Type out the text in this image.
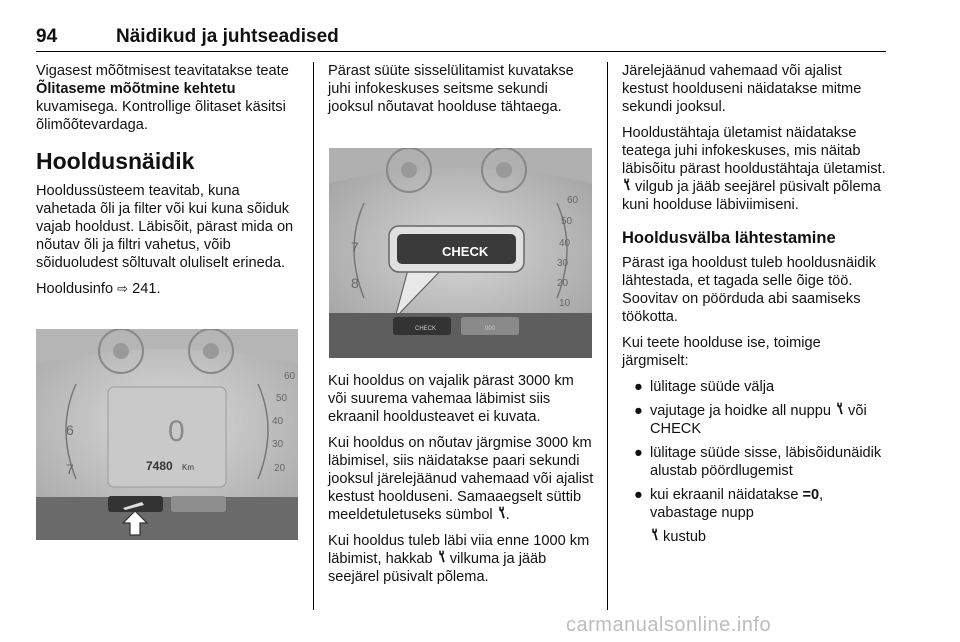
94	Näidikud ja juhtseadised

Vigasest mõõtmisest teavitatakse teate Õlitaseme mõõtmine kehtetu kuvamisega. Kontrollige õlitaset käsitsi õlimõõtevardaga.

Hooldusnäidik

Hooldussüsteem teavitab, kuna vahetada õli ja filter või kui kuna sõiduk vajab hooldust. Läbisõit, pärast mida on nõutav õli ja filtri vahetus, võib sõiduoludest sõltuvalt oluliselt erineda.

Hooldusinfo ⇨ 241.

6
7
60
50
40
30
20
0
7480 Km

Pärast süüte sisselülitamist kuvatakse juhi infokeskuses seitsme sekundi jooksul nõutavat hoolduse tähtaega.

7
8
60
50
40
30
20
10
CHECK
CHECK	000

Kui hooldus on vajalik pärast 3000 km või suurema vahemaa läbimist siis ekraanil hooldusteavet ei kuvata.

Kui hooldus on nõutav järgmise 3000 km läbimisel, siis näidatakse paari sekundi jooksul järelejäänud vahemaad või ajalist kestust hoolduseni. Samaaegselt süttib meeldetuletuseks sümbol .

Kui hooldus tuleb läbi viia enne 1000 km läbimist, hakkab  vilkuma ja jääb seejärel püsivalt põlema.

Järelejäänud vahemaad või ajalist kestust hoolduseni näidatakse mitme sekundi jooksul.

Hooldustähtaja ületamist näidatakse teatega juhi infokeskuses, mis näitab läbisõitu pärast hooldustähtaja ületamist.  vilgub ja jääb seejärel püsivalt põlema kuni hoolduse läbiviimiseni.

Hooldusvälba lähtestamine

Pärast iga hooldust tuleb hooldusnäidik lähtestada, et tagada selle õige töö. Soovitav on pöörduda abi saamiseks töökotta.

Kui teete hoolduse ise, toimige järgmiselt:

● lülitage süüde välja
● vajutage ja hoidke all nuppu  või CHECK
● lülitage süüde sisse, läbisõidunäidik alustab pöördlugemist
● kui ekraanil näidatakse =0, vabastage nupp
kustub
carmanualsonline.info
